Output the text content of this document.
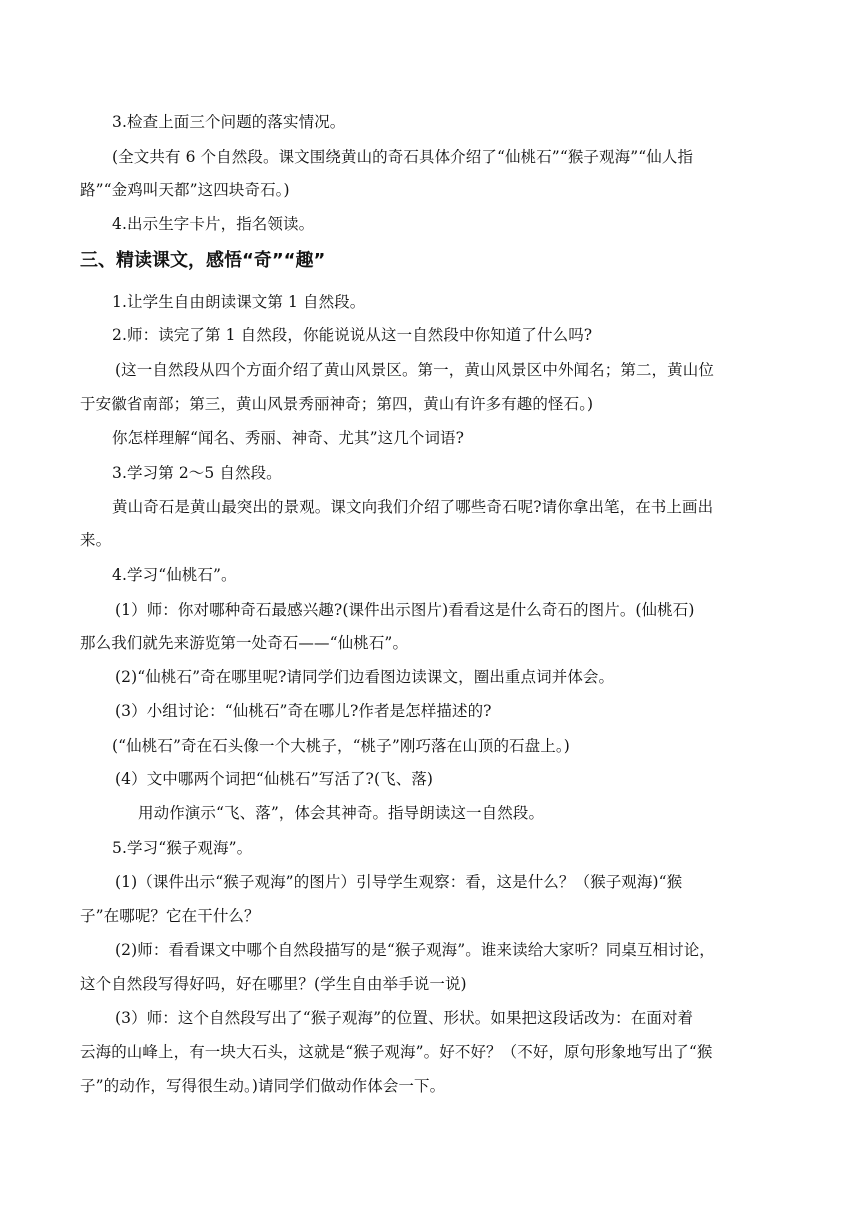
3.检查上面三个问题的落实情况。
(全文共有 6 个自然段。课文围绕黄山的奇石具体介绍了“仙桃石”“猴子观海”“仙人指
路”“金鸡叫天都”这四块奇石。)
4.出示生字卡片，指名领读。
三、精读课文，感悟“奇”“趣”
1.让学生自由朗读课文第 1 自然段。
2.师：读完了第 1 自然段，你能说说从这一自然段中你知道了什么吗?
(这一自然段从四个方面介绍了黄山风景区。第一，黄山风景区中外闻名；第二，黄山位
于安徽省南部；第三，黄山风景秀丽神奇；第四，黄山有许多有趣的怪石。)
你怎样理解“闻名、秀丽、神奇、尤其”这几个词语?
3.学习第 2～5 自然段。
黄山奇石是黄山最突出的景观。课文向我们介绍了哪些奇石呢?请你拿出笔，在书上画出
来。
4.学习“仙桃石”。
(1）师：你对哪种奇石最感兴趣?(课件出示图片)看看这是什么奇石的图片。(仙桃石)
那么我们就先来游览第一处奇石——“仙桃石”。
(2)“仙桃石”奇在哪里呢?请同学们边看图边读课文，圈出重点词并体会。
(3）小组讨论：“仙桃石”奇在哪儿?作者是怎样描述的?
(“仙桃石”奇在石头像一个大桃子，“桃子”刚巧落在山顶的石盘上。)
(4）文中哪两个词把“仙桃石”写活了?(飞、落)
用动作演示“飞、落”，体会其神奇。指导朗读这一自然段。
5.学习“猴子观海”。
(1)（课件出示“猴子观海”的图片）引导学生观察：看，这是什么？（猴子观海)“猴
子”在哪呢？它在干什么？
(2)师：看看课文中哪个自然段描写的是“猴子观海”。谁来读给大家听？同桌互相讨论，
这个自然段写得好吗，好在哪里？(学生自由举手说一说)
(3）师：这个自然段写出了“猴子观海”的位置、形状。如果把这段话改为：在面对着
云海的山峰上，有一块大石头，这就是“猴子观海”。好不好？（不好，原句形象地写出了“猴
子”的动作，写得很生动。)请同学们做动作体会一下。
